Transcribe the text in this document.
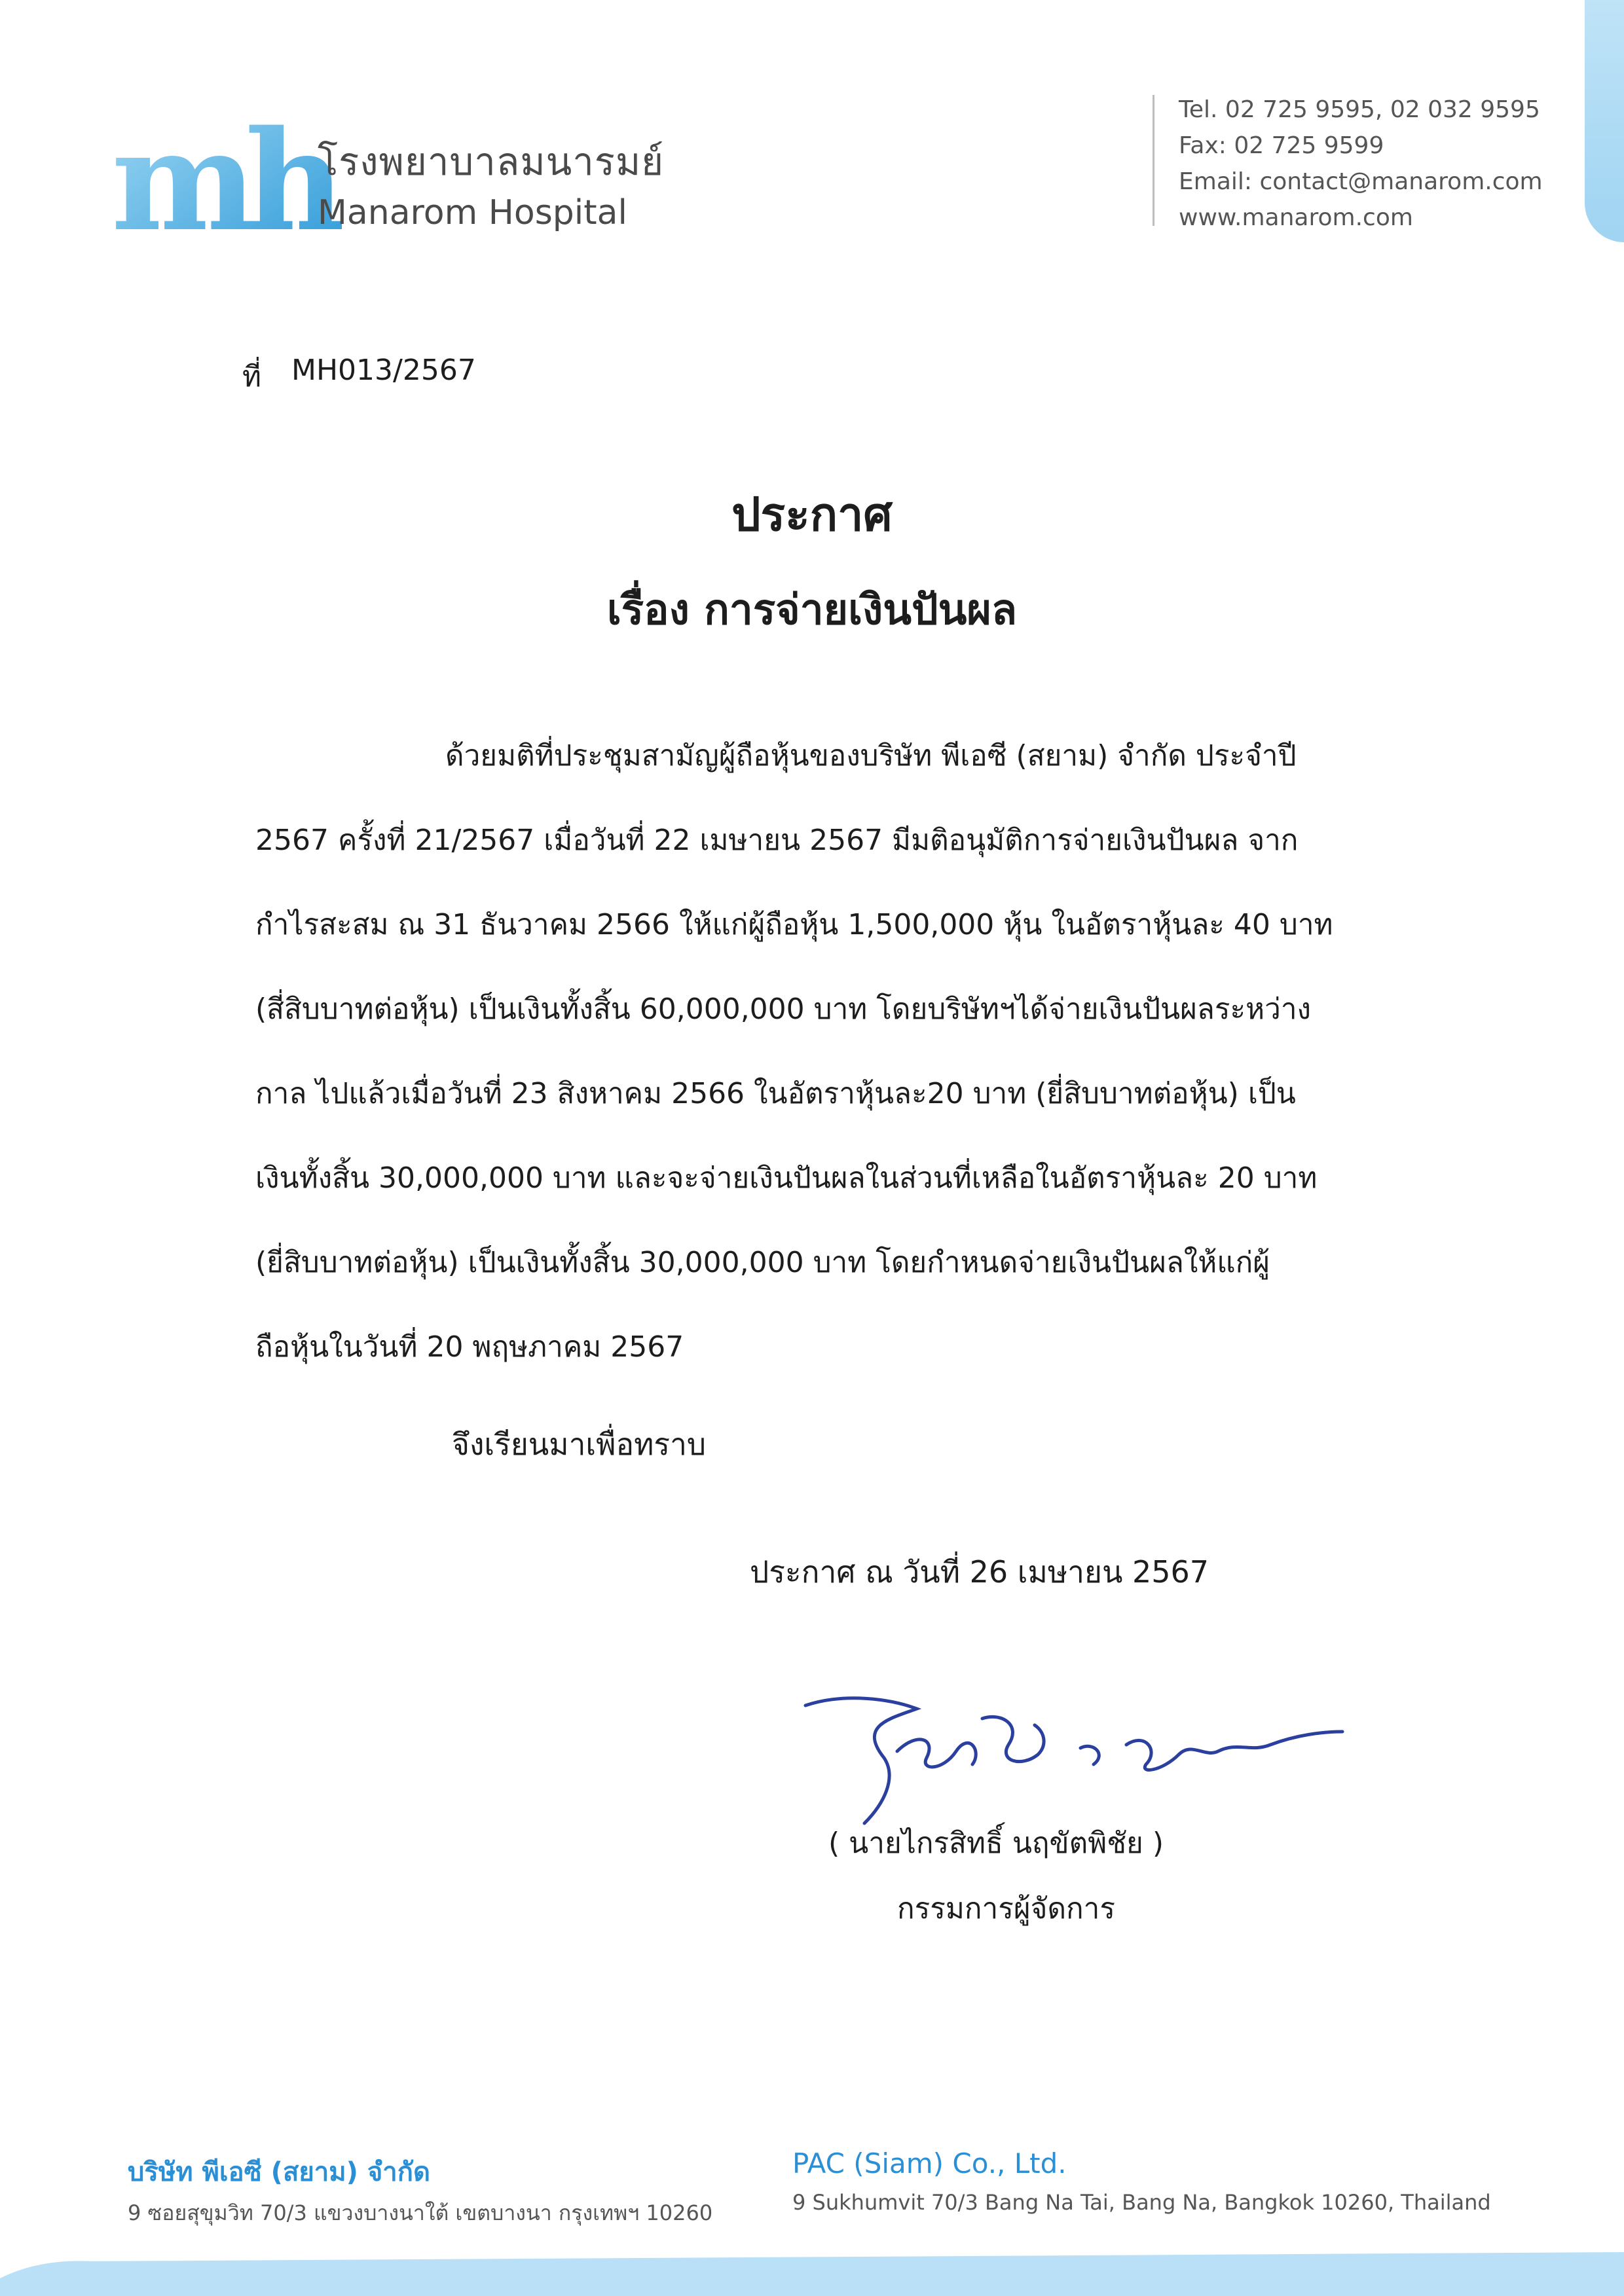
mh
โรงพยาบาลมนารมย์
Manarom Hospital
Tel. 02 725 9595, 02 032 9595
Fax: 02 725 9599
Email: contact@manarom.com
www.manarom.com
ที่ MH013/2567
ประกาศ
เรื่อง การจ่ายเงินปันผล
ด้วยมติที่ประชุมสามัญผู้ถือหุ้นของบริษัท พีเอซี (สยาม) จำกัด ประจำปี
2567 ครั้งที่ 21/2567 เมื่อวันที่ 22 เมษายน 2567 มีมติอนุมัติการจ่ายเงินปันผล จาก
กำไรสะสม ณ 31 ธันวาคม 2566 ให้แก่ผู้ถือหุ้น 1,500,000 หุ้น ในอัตราหุ้นละ 40 บาท
(สี่สิบบาทต่อหุ้น) เป็นเงินทั้งสิ้น 60,000,000 บาท โดยบริษัทฯได้จ่ายเงินปันผลระหว่าง
กาล ไปแล้วเมื่อวันที่ 23 สิงหาคม 2566 ในอัตราหุ้นละ20 บาท (ยี่สิบบาทต่อหุ้น) เป็น
เงินทั้งสิ้น 30,000,000 บาท และจะจ่ายเงินปันผลในส่วนที่เหลือในอัตราหุ้นละ 20 บาท
(ยี่สิบบาทต่อหุ้น) เป็นเงินทั้งสิ้น 30,000,000 บาท โดยกำหนดจ่ายเงินปันผลให้แก่ผู้
ถือหุ้นในวันที่ 20 พฤษภาคม 2567
จึงเรียนมาเพื่อทราบ
ประกาศ ณ วันที่ 26 เมษายน 2567
( นายไกรสิทธิ์ นฤขัตพิชัย )
กรรมการผู้จัดการ
บริษัท พีเอซี (สยาม) จำกัด
9 ซอยสุขุมวิท 70/3 แขวงบางนาใต้ เขตบางนา กรุงเทพฯ 10260
PAC (Siam) Co., Ltd.
9 Sukhumvit 70/3 Bang Na Tai, Bang Na, Bangkok 10260, Thailand
